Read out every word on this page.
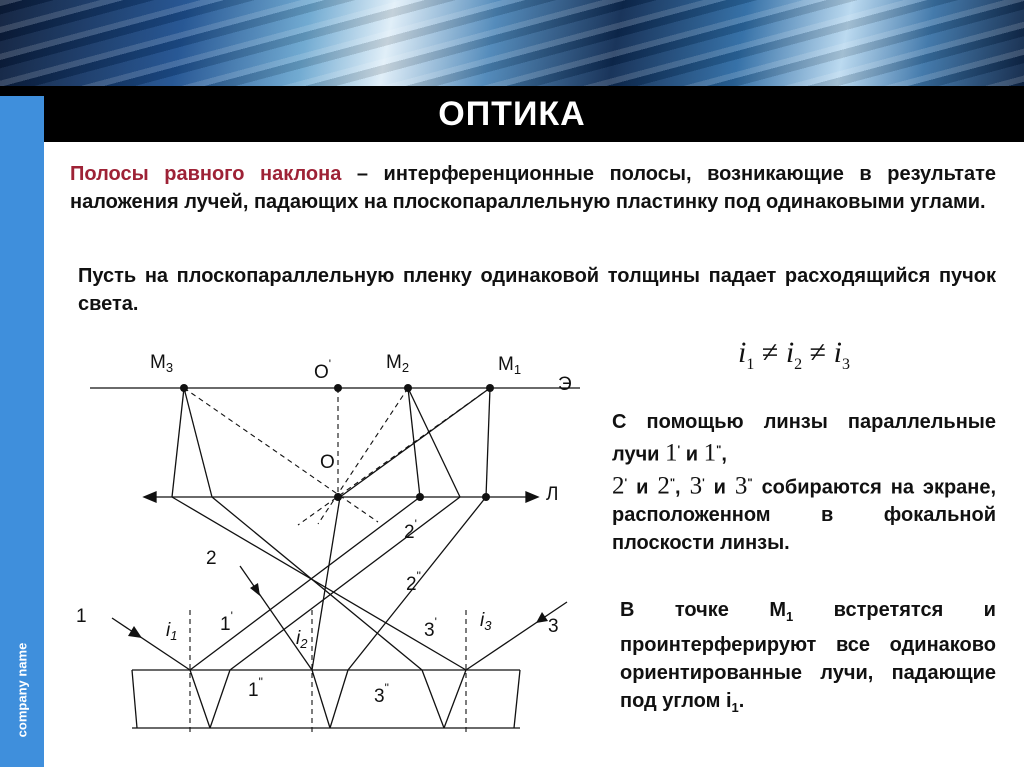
ОПТИКА
company name

Полосы равного наклона – интерференционные полосы, возникающие в результате наложения лучей, падающих на плоскопараллельную пластинку под одинаковыми углами.

Пусть на плоскопараллельную пленку одинаковой толщины падает расходящийся пучок света.

$i_1 \ne i_2 \ne i_3$

С помощью линзы параллельные лучи 1' и 1",
2' и 2", 3' и 3" собираются на экране, расположенном в фокальной плоскости линзы.

В точке $М_1$ встретятся и проинтерферируют все одинаково ориентированные лучи, падающие под углом $i_1$.

$M_3$	O'	$M_2$	$M_1$
Э
O
Л
1
2
3
$i_1$	$i_2$
$i_3$
1'
1"
2'
2"
3'
3"
